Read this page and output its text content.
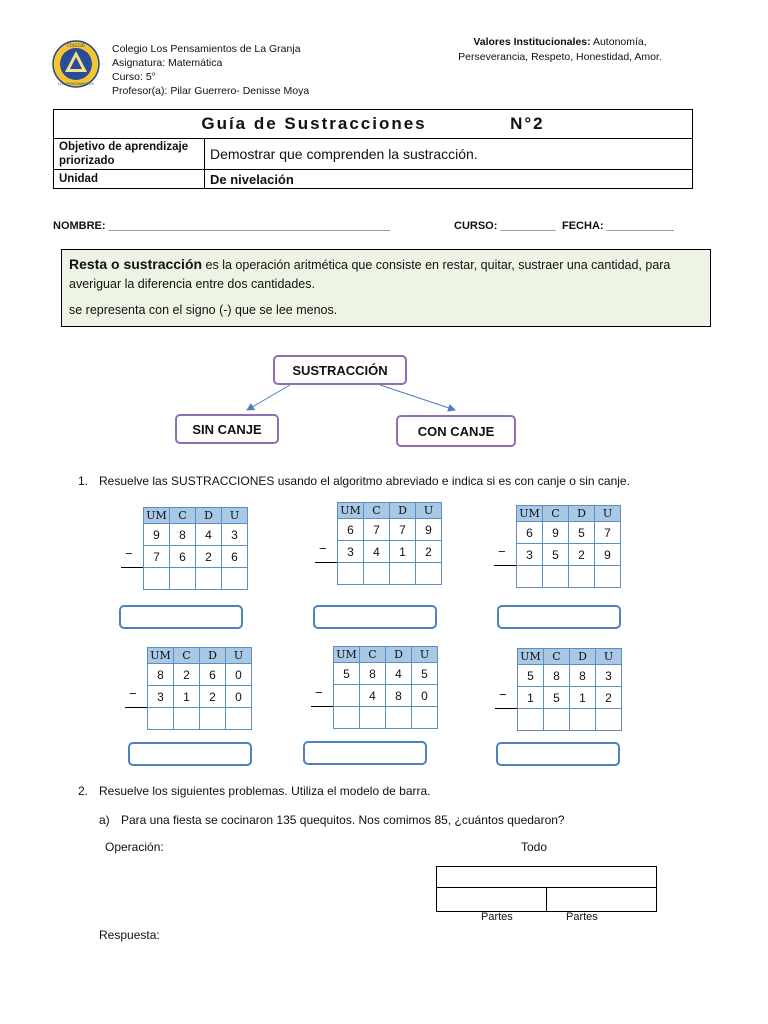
COLEGIO
LOS PENSAMIENTOS
Colegio Los Pensamientos de La Granja
Asignatura: Matemática
Curso: 5°
Profesor(a): Pilar Guerrero- Denisse Moya
Valores Institucionales: Autonomía,
Perseverancia, Respeto, Honestidad, Amor.
Guía de Sustracciones N°2	
Objetivo de aprendizaje priorizado	Demostrar que comprenden la sustracción.
Unidad	De nivelación
NOMBRE: ______________________________________________	CURSO: _________ FECHA: ___________
Resta o sustracción es la operación aritmética que consiste en restar, quitar, sustraer una cantidad, para averiguar la diferencia entre dos cantidades.
se representa con el signo (-) que se lee menos.
SUSTRACCIÓN
SIN CANJE	CON CANJE
1. Resuelve las SUSTRACCIONES usando el algoritmo abreviado e indica si es con canje o sin canje.
UM	C	D	U
9	8	4	3
7	6	2	6

−
UM	C	D	U
6	7	7	9
3	4	1	2

−
UM	C	D	U
6	9	5	7
3	5	2	9

−
UM	C	D	U
8	2	6	0
3	1	2	0

−
UM	C	D	U
5	8	4	5
	4	8	0

−
UM	C	D	U
5	8	8	3
1	5	1	2

−
2. Resuelve los siguientes problemas. Utiliza el modelo de barra.
a) Para una fiesta se cocinaron 135 quequitos. Nos comimos 85, ¿cuántos quedaron?
Operación:	Todo
Partes	Partes
Respuesta:
